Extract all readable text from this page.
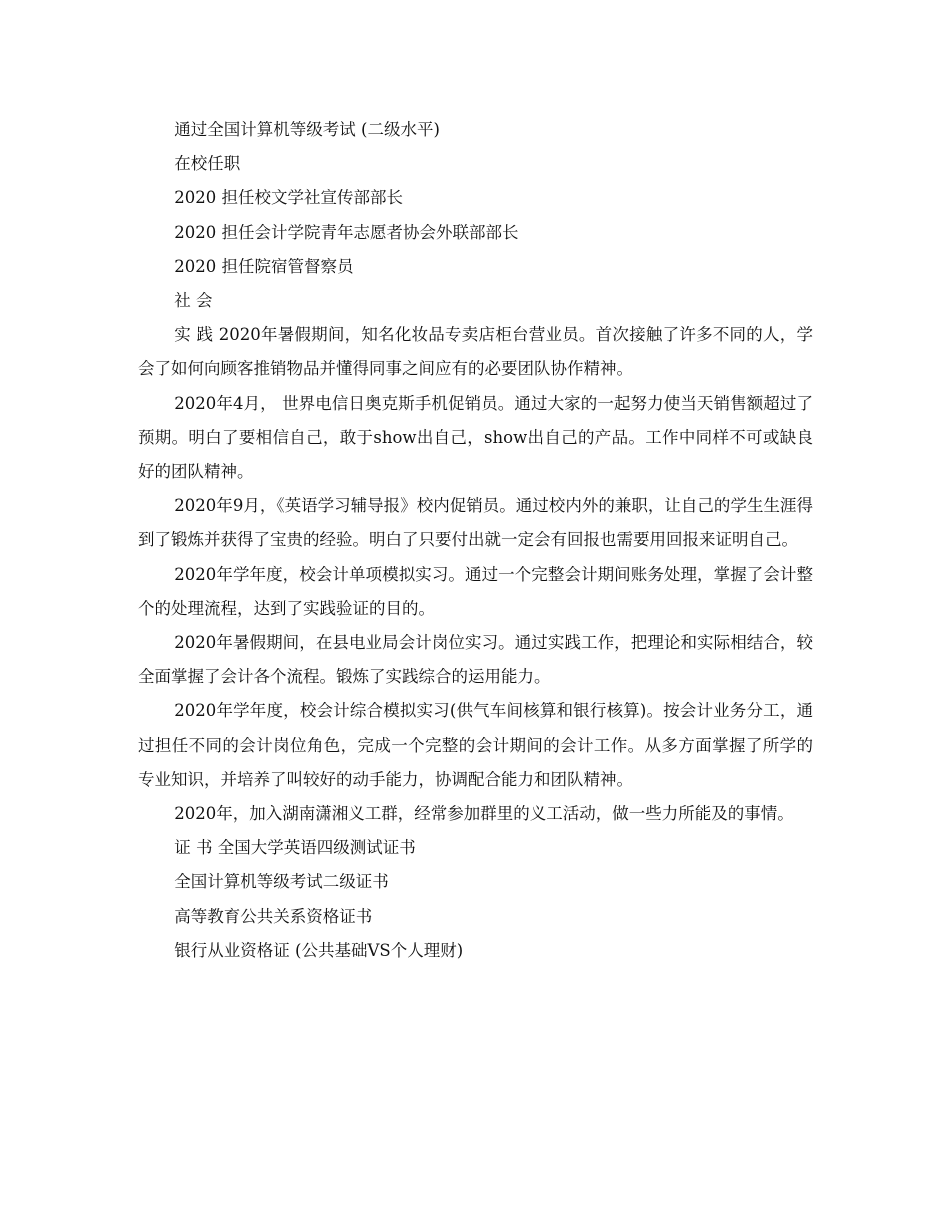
通过全国计算机等级考试 (二级水平)

在校任职

2020 担任校文学社宣传部部长

2020 担任会计学院青年志愿者协会外联部部长

2020 担任院宿管督察员

社 会

实 践 2020年暑假期间，知名化妆品专卖店柜台营业员。首次接触了许多不同的人，学会了如何向顾客推销物品并懂得同事之间应有的必要团队协作精神。

2020年4月， 世界电信日奥克斯手机促销员。通过大家的一起努力使当天销售额超过了预期。明白了要相信自己，敢于show出自己，show出自己的产品。工作中同样不可或缺良好的团队精神。

2020年9月，《英语学习辅导报》校内促销员。通过校内外的兼职，让自己的学生生涯得到了锻炼并获得了宝贵的经验。明白了只要付出就一定会有回报也需要用回报来证明自己。

2020年学年度，校会计单项模拟实习。通过一个完整会计期间账务处理，掌握了会计整个的处理流程，达到了实践验证的目的。

2020年暑假期间，在县电业局会计岗位实习。通过实践工作，把理论和实际相结合，较全面掌握了会计各个流程。锻炼了实践综合的运用能力。

2020年学年度，校会计综合模拟实习(供气车间核算和银行核算)。按会计业务分工，通过担任不同的会计岗位角色，完成一个完整的会计期间的会计工作。从多方面掌握了所学的专业知识，并培养了叫较好的动手能力，协调配合能力和团队精神。

2020年，加入湖南潇湘义工群，经常参加群里的义工活动，做一些力所能及的事情。

证 书 全国大学英语四级测试证书

全国计算机等级考试二级证书

高等教育公共关系资格证书

银行从业资格证 (公共基础VS个人理财)
